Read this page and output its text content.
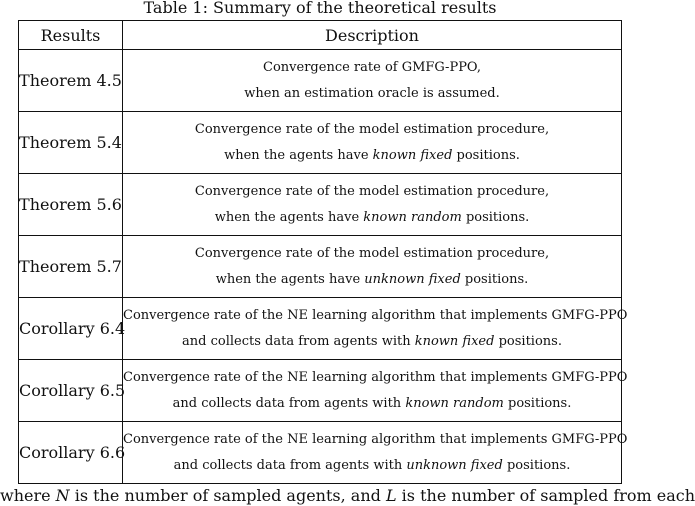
Table 1: Summary of the theoretical results
Results	Description
Theorem 4.5	Convergence rate of GMFG-PPO,
when an estimation oracle is assumed.

Theorem 5.4	Convergence rate of the model estimation procedure,
when the agents have known fixed positions.

Theorem 5.6	Convergence rate of the model estimation procedure,
when the agents have known random positions.

Theorem 5.7	Convergence rate of the model estimation procedure,
when the agents have unknown fixed positions.

Corollary 6.4	Convergence rate of the NE learning algorithm that implements GMFG-PPO
and collects data from agents with known fixed positions.

Corollary 6.5	Convergence rate of the NE learning algorithm that implements GMFG-PPO
and collects data from agents with known random positions.

Corollary 6.6	Convergence rate of the NE learning algorithm that implements GMFG-PPO
and collects data from agents with unknown fixed positions.
where N is the number of sampled agents, and L is the number of sampled from each
